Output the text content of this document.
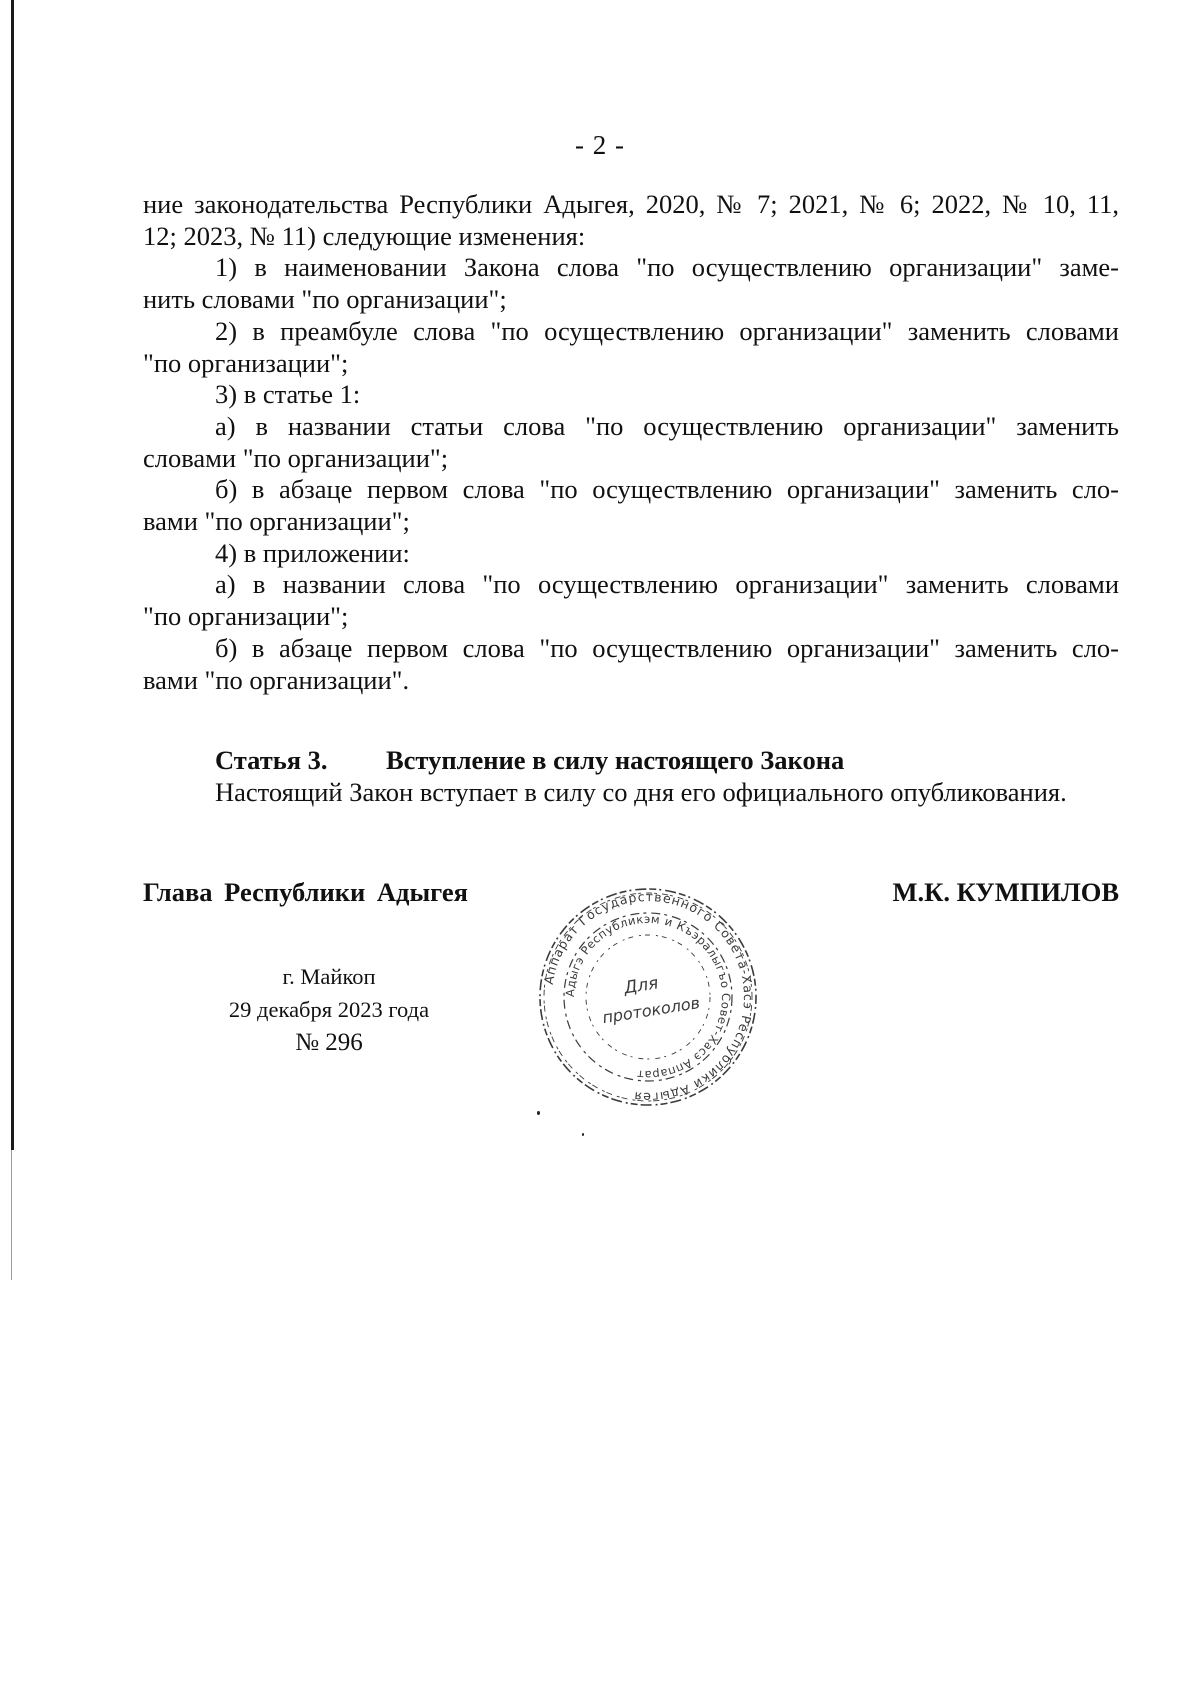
- 2 -

ние законодательства Республики Адыгея, 2020, № 7; 2021, № 6; 2022, № 10, 11,

12; 2023, № 11) следующие изменения:

1) в наименовании Закона слова "по осуществлению организации" заме-

нить словами "по организации";

2) в преамбуле слова "по осуществлению организации" заменить словами

"по организации";

3) в статье 1:

а) в названии статьи слова "по осуществлению организации" заменить

словами "по организации";

б) в абзаце первом слова "по осуществлению организации" заменить сло-

вами "по организации";

4) в приложении:

а) в названии слова "по осуществлению организации" заменить словами

"по организации";

б) в абзаце первом слова "по осуществлению организации" заменить сло-

вами "по организации".

Статья 3. Вступление в силу настоящего Закона
Настоящий Закон вступает в силу со дня его официального опубликования.
Глава Республики Адыгея	М.К. КУМПИЛОВ
г. Майкоп
29 декабря 2023 года
№ 296
Аппарат Государственного Совета-Хасэ Республики Адыгея
Адыгэ Республикэм и Къэралыгъо Совет-Хасэ Аппарат
Для
протоколов
